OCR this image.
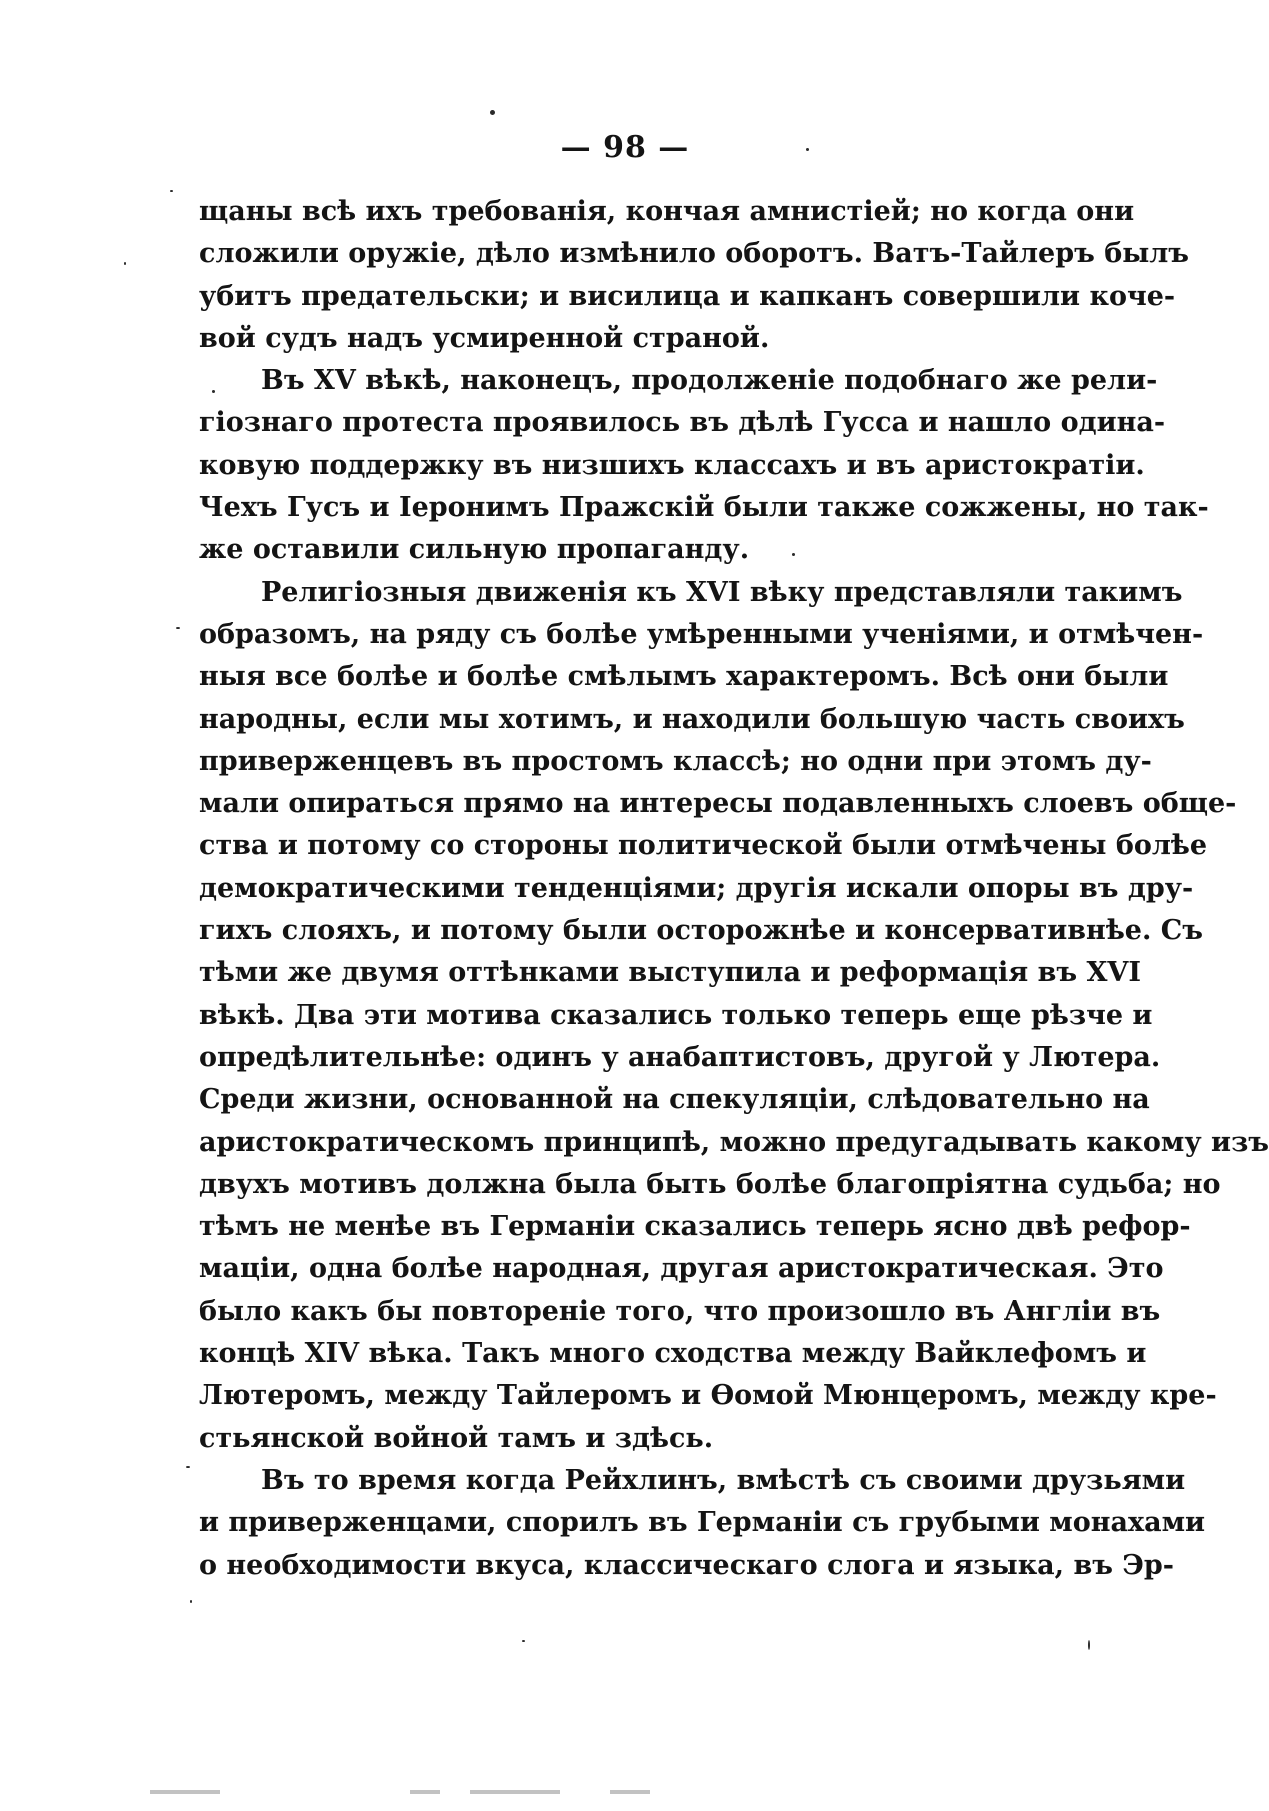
— 98 —
щаны всѣ ихъ требованія, кончая амнистіей; но когда они
сложили оружіе, дѣло измѣнило оборотъ. Ватъ-Тайлеръ былъ
убитъ предательски; и висилица и капканъ совершили коче-
вой судъ надъ усмиренной страной.
Въ XV вѣкѣ, наконецъ, продолженіе подобнаго же рели-
гіознаго протеста проявилось въ дѣлѣ Гусса и нашло одина-
ковую поддержку въ низшихъ классахъ и въ аристократіи.
Чехъ Гусъ и Іеронимъ Пражскій были также сожжены, но так-
же оставили сильную пропаганду.
Религіозныя движенія къ XVI вѣку представляли такимъ
образомъ, на ряду съ болѣе умѣренными ученіями, и отмѣчен-
ныя все болѣе и болѣе смѣлымъ характеромъ. Всѣ они были
народны, если мы хотимъ, и находили большую часть своихъ
приверженцевъ въ простомъ классѣ; но одни при этомъ ду-
мали опираться прямо на интересы подавленныхъ слоевъ обще-
ства и потому со стороны политической были отмѣчены болѣе
демократическими тенденціями; другія искали опоры въ дру-
гихъ слояхъ, и потому были осторожнѣе и консервативнѣе. Съ
тѣми же двумя оттѣнками выступила и реформація въ XVI
вѣкѣ. Два эти мотива сказались только теперь еще рѣзче и
опредѣлительнѣе: одинъ у анабаптистовъ, другой у Лютера.
Среди жизни, основанной на спекуляціи, слѣдовательно на
аристократическомъ принципѣ, можно предугадывать какому изъ
двухъ мотивъ должна была быть болѣе благопріятна судьба; но
тѣмъ не менѣе въ Германіи сказались теперь ясно двѣ рефор-
маціи, одна болѣе народная, другая аристократическая. Это
было какъ бы повтореніе того, что произошло въ Англіи въ
концѣ XIV вѣка. Такъ много сходства между Вайклефомъ и
Лютеромъ, между Тайлеромъ и Ѳомой Мюнцеромъ, между кре-
стьянской войной тамъ и здѣсь.
Въ то время когда Рейхлинъ, вмѣстѣ съ своими друзьями
и приверженцами, спорилъ въ Германіи съ грубыми монахами
о необходимости вкуса, классическаго слога и языка, въ Эр-
